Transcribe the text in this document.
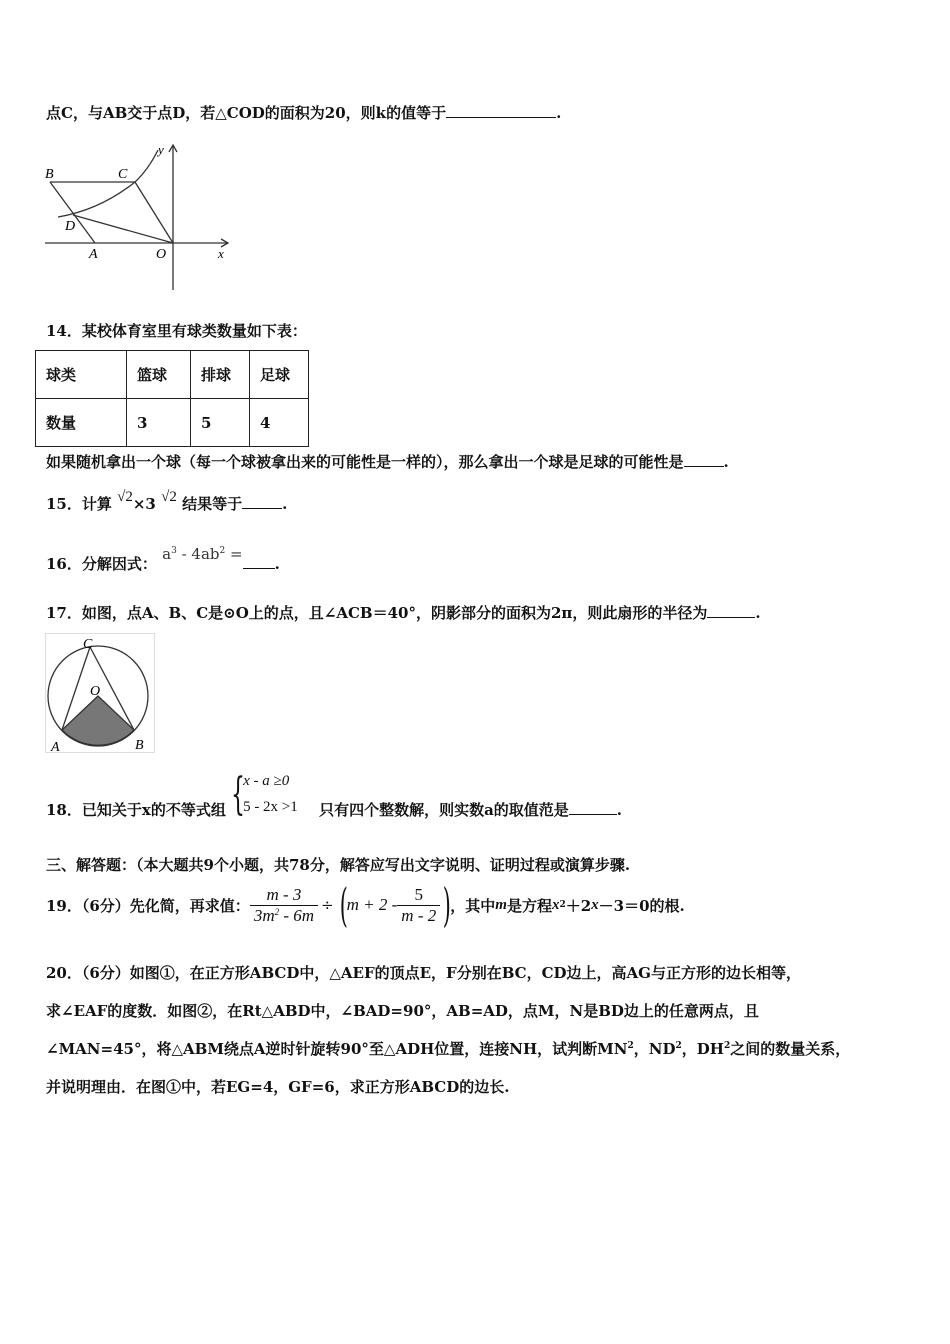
点C，与AB交于点D，若△COD的面积为20，则k的值等于	.
y
B	C
D
A	O	x
14．某校体育室里有球类数量如下表：
球类	篮球	排球	足球
数量	3	5	4
如果随机拿出一个球（每一个球被拿出来的可能性是一样的），那么拿出一个球是足球的可能性是	.
15．计算 √2×3 √2 结果等于	.
16．分解因式： $a^3 - 4ab^2$ =.
17．如图，点A、B、C是⊙O上的点，且∠ACB＝40°，阴影部分的面积为2π，则此扇形的半径为	.
C
O
A	B
18．已知关于x的不等式组 {
x - a ≥0
5 - 2x >1 只有四个整数解，则实数a的取值范是	.
三、解答题：（本大题共9个小题，共78分，解答应写出文字说明、证明过程或演算步骤.
19．（6分）先化简，再求值： $\frac{m - 3}{3m^2 - 6m}$ ÷ ( $m + 2 - \frac{5}{m - 2}$ ) ，其中 m 是方程 x 2 ＋2 x －3＝0的根.
20．（6分）如图①，在正方形ABCD中，△AEF的顶点E，F分别在BC，CD边上，高AG与正方形的边长相等，
求∠EAF的度数．如图②，在Rt△ABD中，∠BAD=90°，AB=AD，点M，N是BD边上的任意两点，且
∠MAN=45°，将△ABM绕点A逆时针旋转90°至△ADH位置，连接NH，试判断$MN^2$，$ND^2$，$DH^2$之间的数量关系，
并说明理由．在图①中，若EG=4，GF=6，求正方形ABCD的边长.
